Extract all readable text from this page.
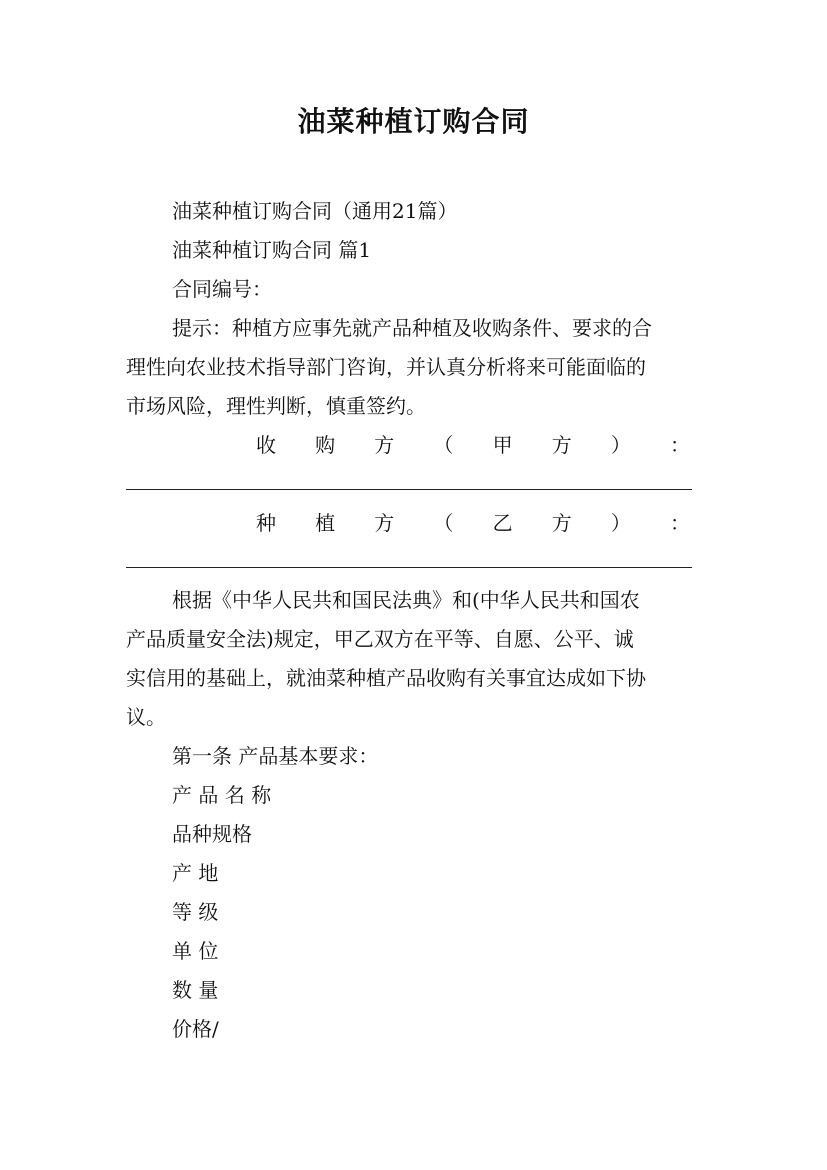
油菜种植订购合同
油菜种植订购合同（通用21篇）
油菜种植订购合同 篇1
合同编号：
提示：种植方应事先就产品种植及收购条件、要求的合
理性向农业技术指导部门咨询，并认真分析将来可能面临的
市场风险，理性判断，慎重签约。
收 购 方 （ 甲 方 ） ：
种 植 方 （ 乙 方 ） ：
根据《中华人民共和国民法典》和(中华人民共和国农
产品质量安全法)规定，甲乙双方在平等、自愿、公平、诚
实信用的基础上，就油菜种植产品收购有关事宜达成如下协
议。
第一条 产品基本要求：
产 品 名 称
品种规格
产 地
等 级
单 位
数 量
价格/
